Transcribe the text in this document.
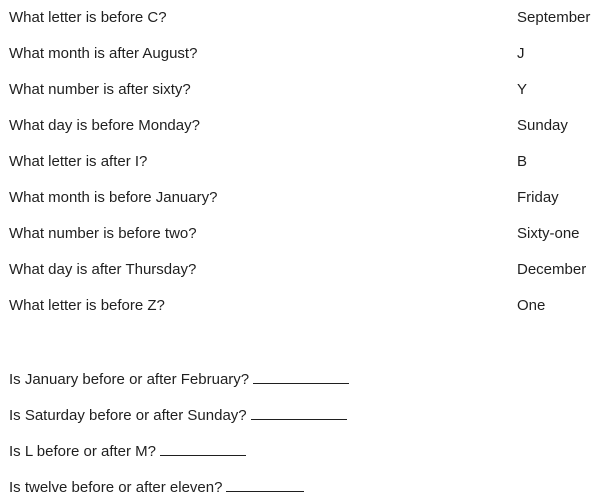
What letter is before C?	September
What month is after August?	J
What number is after sixty?	Y
What day is before Monday?	Sunday
What letter is after I?	B
What month is before January?	Friday
What number is before two?	Sixty-one
What day is after Thursday?	December
What letter is before Z?	One
Is January before or after February?
Is Saturday before or after Sunday?
Is L before or after M?
Is twelve before or after eleven?
